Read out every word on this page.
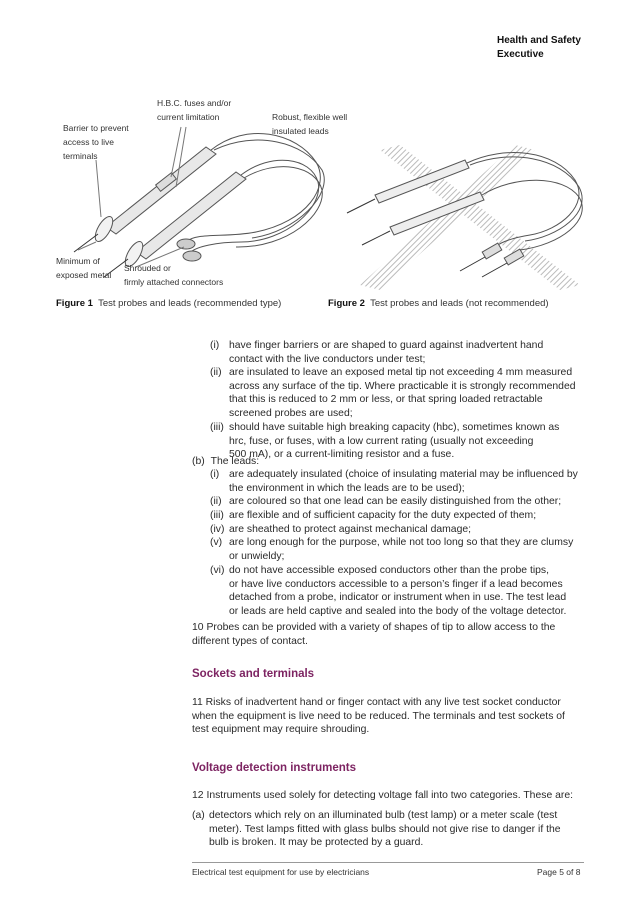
Health and Safety
Executive
H.B.C. fuses and/or
current limitation	Robust, flexible well
insulated leads
Barrier to prevent
access to live
terminals
Minimum of
exposed metal
Shrouded or
firmly attached connectors
Figure 1 Test probes and leads (recommended type)	Figure 2 Test probes and leads (not recommended)
(i) have finger barriers or are shaped to guard against inadvertent hand
contact with the live conductors under test;
(ii) are insulated to leave an exposed metal tip not exceeding 4 mm measured
across any surface of the tip. Where practicable it is strongly recommended
that this is reduced to 2 mm or less, or that spring loaded retractable
screened probes are used;
(iii) should have suitable high breaking capacity (hbc), sometimes known as
hrc, fuse, or fuses, with a low current rating (usually not exceeding
500 mA), or a current-limiting resistor and a fuse.
(b) The leads:
(i) are adequately insulated (choice of insulating material may be influenced by
the environment in which the leads are to be used);
(ii) are coloured so that one lead can be easily distinguished from the other;
(iii) are flexible and of sufficient capacity for the duty expected of them;
(iv) are sheathed to protect against mechanical damage;
(v) are long enough for the purpose, while not too long so that they are clumsy
or unwieldy;
(vi) do not have accessible exposed conductors other than the probe tips,
or have live conductors accessible to a person’s finger if a lead becomes
detached from a probe, indicator or instrument when in use. The test lead
or leads are held captive and sealed into the body of the voltage detector.
10 Probes can be provided with a variety of shapes of tip to allow access to the
different types of contact.
Sockets and terminals
11 Risks of inadvertent hand or finger contact with any live test socket conductor
when the equipment is live need to be reduced. The terminals and test sockets of
test equipment may require shrouding.
Voltage detection instruments
12 Instruments used solely for detecting voltage fall into two categories. These are:
(a) detectors which rely on an illuminated bulb (test lamp) or a meter scale (test
meter). Test lamps fitted with glass bulbs should not give rise to danger if the
bulb is broken. It may be protected by a guard.
Electrical test equipment for use by electricians	Page 5 of 8
